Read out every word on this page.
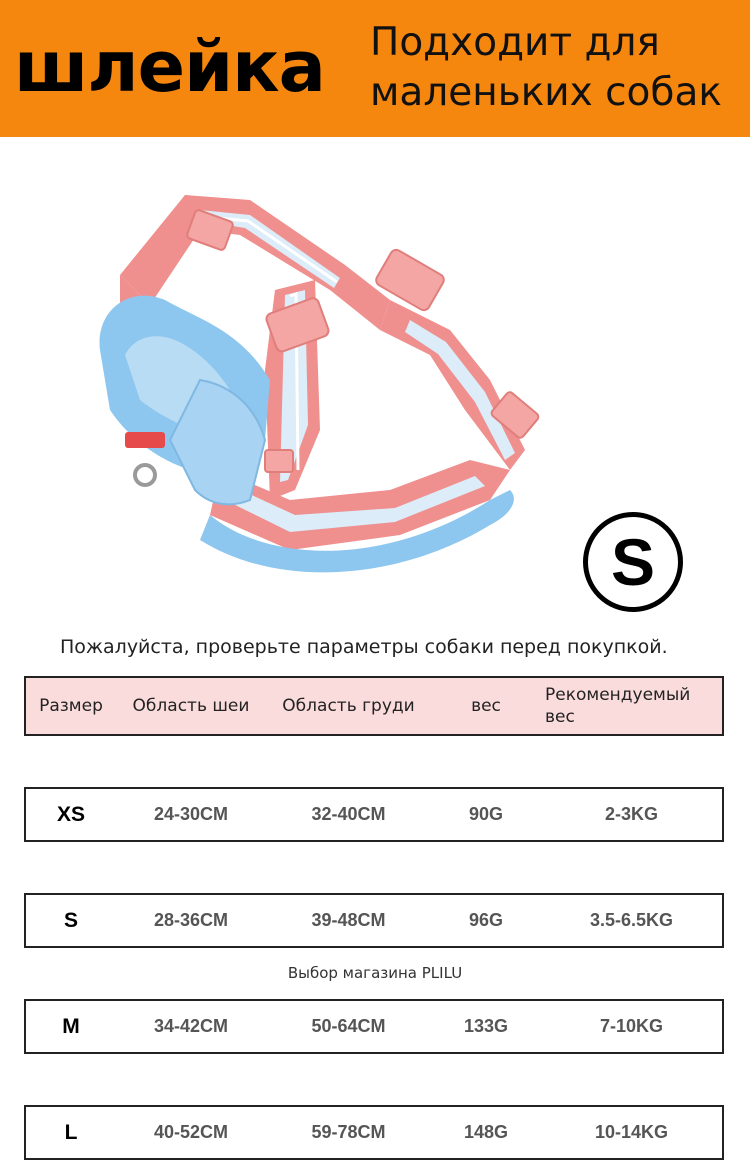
шлейка Подходит для
маленьких собак
S
Пожалуйста, проверьте параметры собаки перед покупкой.
Размер	Область шеи	Область груди	вес	Рекомендуемый вес

XS	24-30CM	32-40CM	90G	2-3KG

S	28-36CM	39-48CM	96G	3.5-6.5KG

M	34-42CM	50-64CM	133G	7-10KG

L	40-52CM	59-78CM	148G	10-14KG
Выбор магазина PLILU
